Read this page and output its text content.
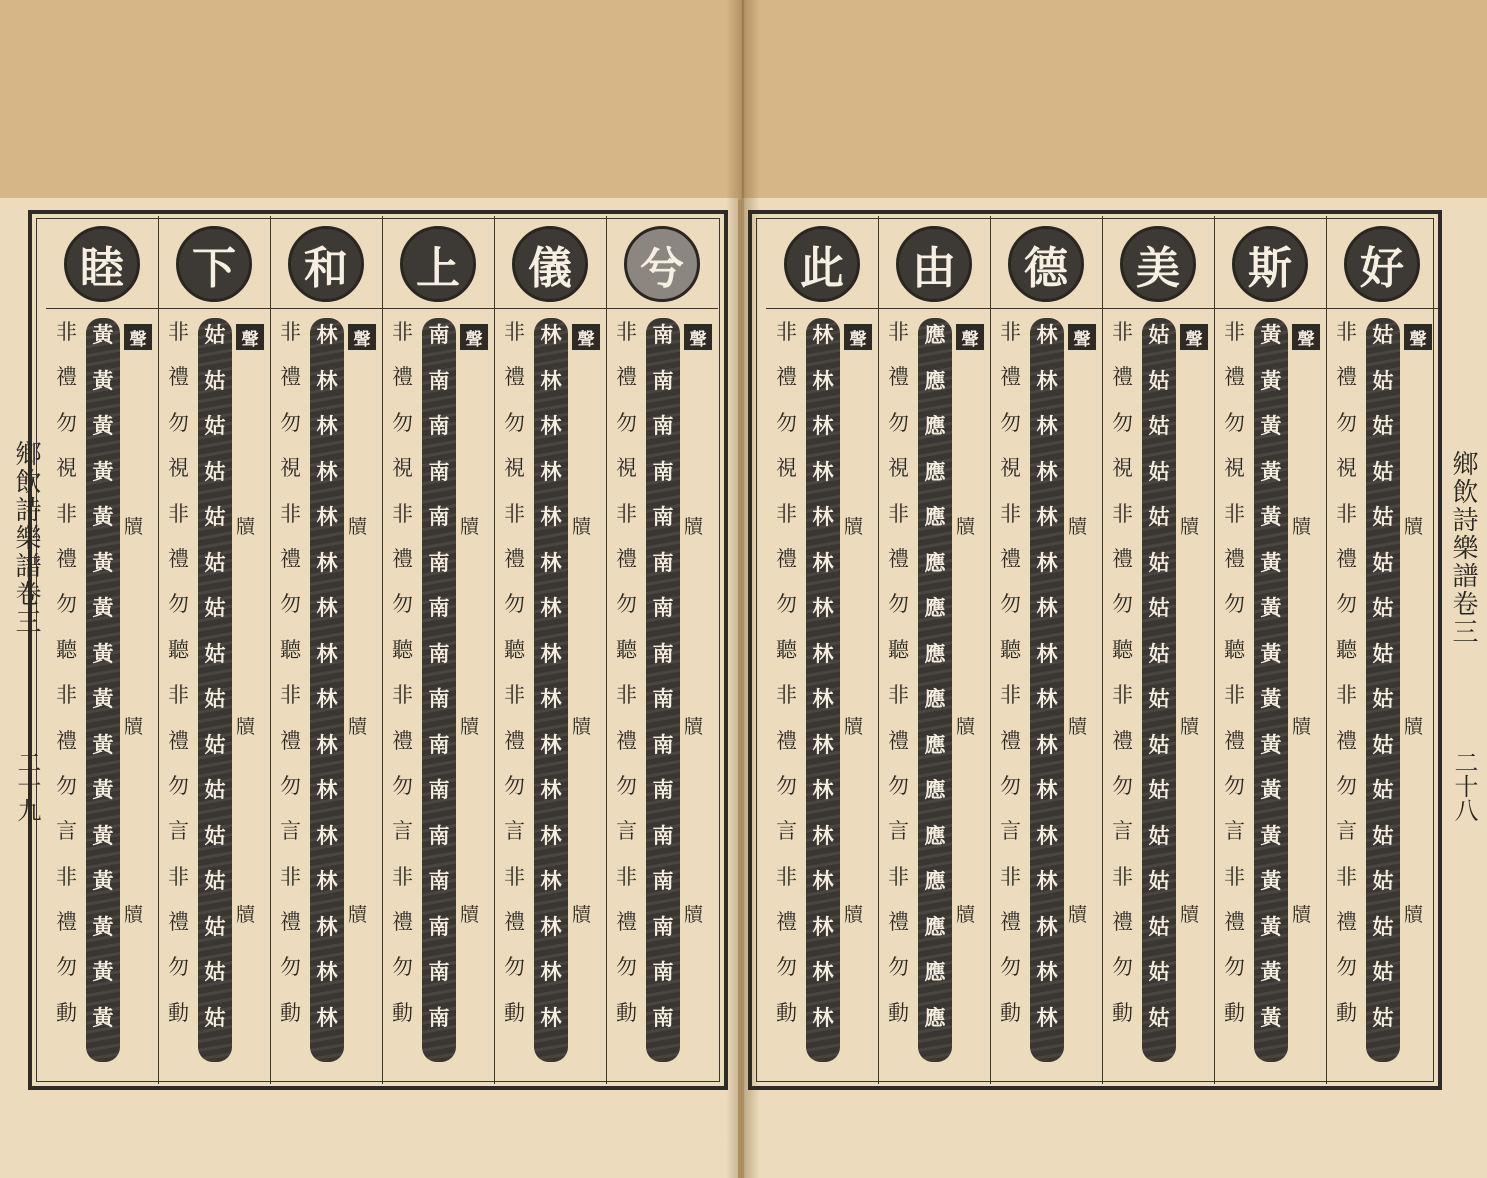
鄉飲詩樂譜卷三
二十九
鄉飲詩樂譜卷三
二十八
睦
非
禮
勿
視
非
禮
勿
聽
非
禮
勿
言
非
禮
勿
動
黃
黃
黃
黃
黃
黃
黃
黃
黃
黃
黃
黃
黃
黃
黃
黃
聲
牘
牘
牘
下
非
禮
勿
視
非
禮
勿
聽
非
禮
勿
言
非
禮
勿
動
姑
姑
姑
姑
姑
姑
姑
姑
姑
姑
姑
姑
姑
姑
姑
姑
聲
牘
牘
牘
和
非
禮
勿
視
非
禮
勿
聽
非
禮
勿
言
非
禮
勿
動
林
林
林
林
林
林
林
林
林
林
林
林
林
林
林
林
聲
牘
牘
牘
上
非
禮
勿
視
非
禮
勿
聽
非
禮
勿
言
非
禮
勿
動
南
南
南
南
南
南
南
南
南
南
南
南
南
南
南
南
聲
牘
牘
牘
儀
非
禮
勿
視
非
禮
勿
聽
非
禮
勿
言
非
禮
勿
動
林
林
林
林
林
林
林
林
林
林
林
林
林
林
林
林
聲
牘
牘
牘
兮
非
禮
勿
視
非
禮
勿
聽
非
禮
勿
言
非
禮
勿
動
南
南
南
南
南
南
南
南
南
南
南
南
南
南
南
南
聲
牘
牘
牘
此
非
禮
勿
視
非
禮
勿
聽
非
禮
勿
言
非
禮
勿
動
林
林
林
林
林
林
林
林
林
林
林
林
林
林
林
林
聲
牘
牘
牘
由
非
禮
勿
視
非
禮
勿
聽
非
禮
勿
言
非
禮
勿
動
應
應
應
應
應
應
應
應
應
應
應
應
應
應
應
應
聲
牘
牘
牘
德
非
禮
勿
視
非
禮
勿
聽
非
禮
勿
言
非
禮
勿
動
林
林
林
林
林
林
林
林
林
林
林
林
林
林
林
林
聲
牘
牘
牘
美
非
禮
勿
視
非
禮
勿
聽
非
禮
勿
言
非
禮
勿
動
姑
姑
姑
姑
姑
姑
姑
姑
姑
姑
姑
姑
姑
姑
姑
姑
聲
牘
牘
牘
斯
非
禮
勿
視
非
禮
勿
聽
非
禮
勿
言
非
禮
勿
動
黃
黃
黃
黃
黃
黃
黃
黃
黃
黃
黃
黃
黃
黃
黃
黃
聲
牘
牘
牘
好
非
禮
勿
視
非
禮
勿
聽
非
禮
勿
言
非
禮
勿
動
姑
姑
姑
姑
姑
姑
姑
姑
姑
姑
姑
姑
姑
姑
姑
姑
聲
牘
牘
牘
